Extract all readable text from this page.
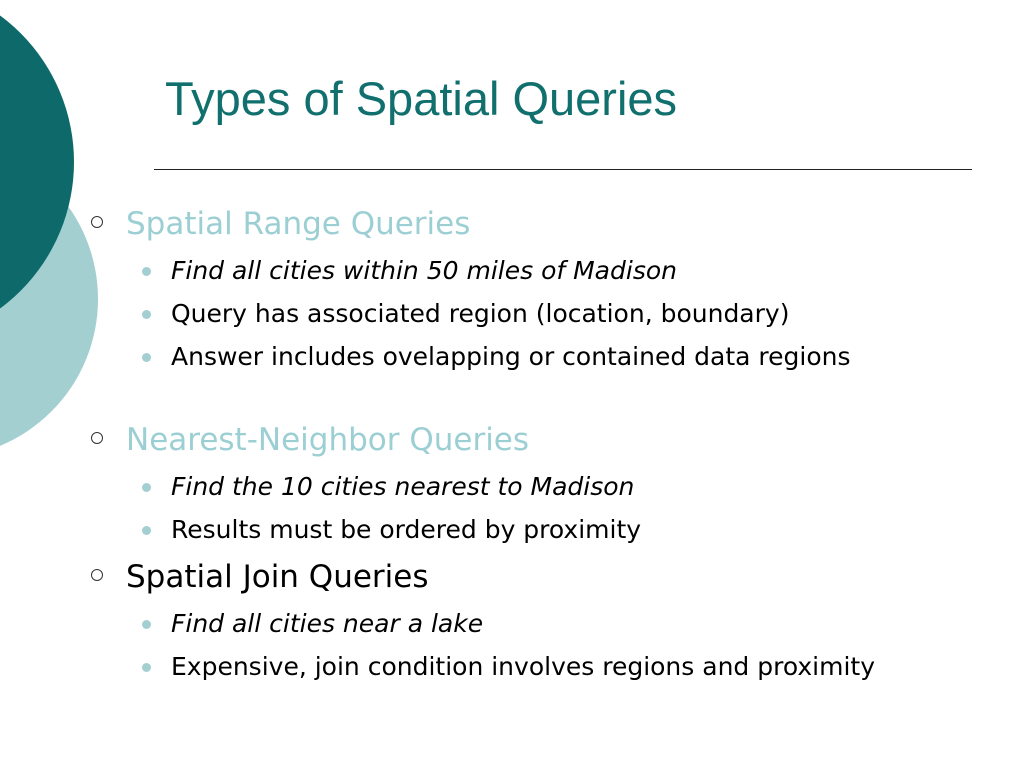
Types of Spatial Queries
Spatial Range Queries
Find all cities within 50 miles of Madison
Query has associated region (location, boundary)
Answer includes ovelapping or contained data regions
Nearest-Neighbor Queries
Find the 10 cities nearest to Madison
Results must be ordered by proximity
Spatial Join Queries
Find all cities near a lake
Expensive, join condition involves regions and proximity
